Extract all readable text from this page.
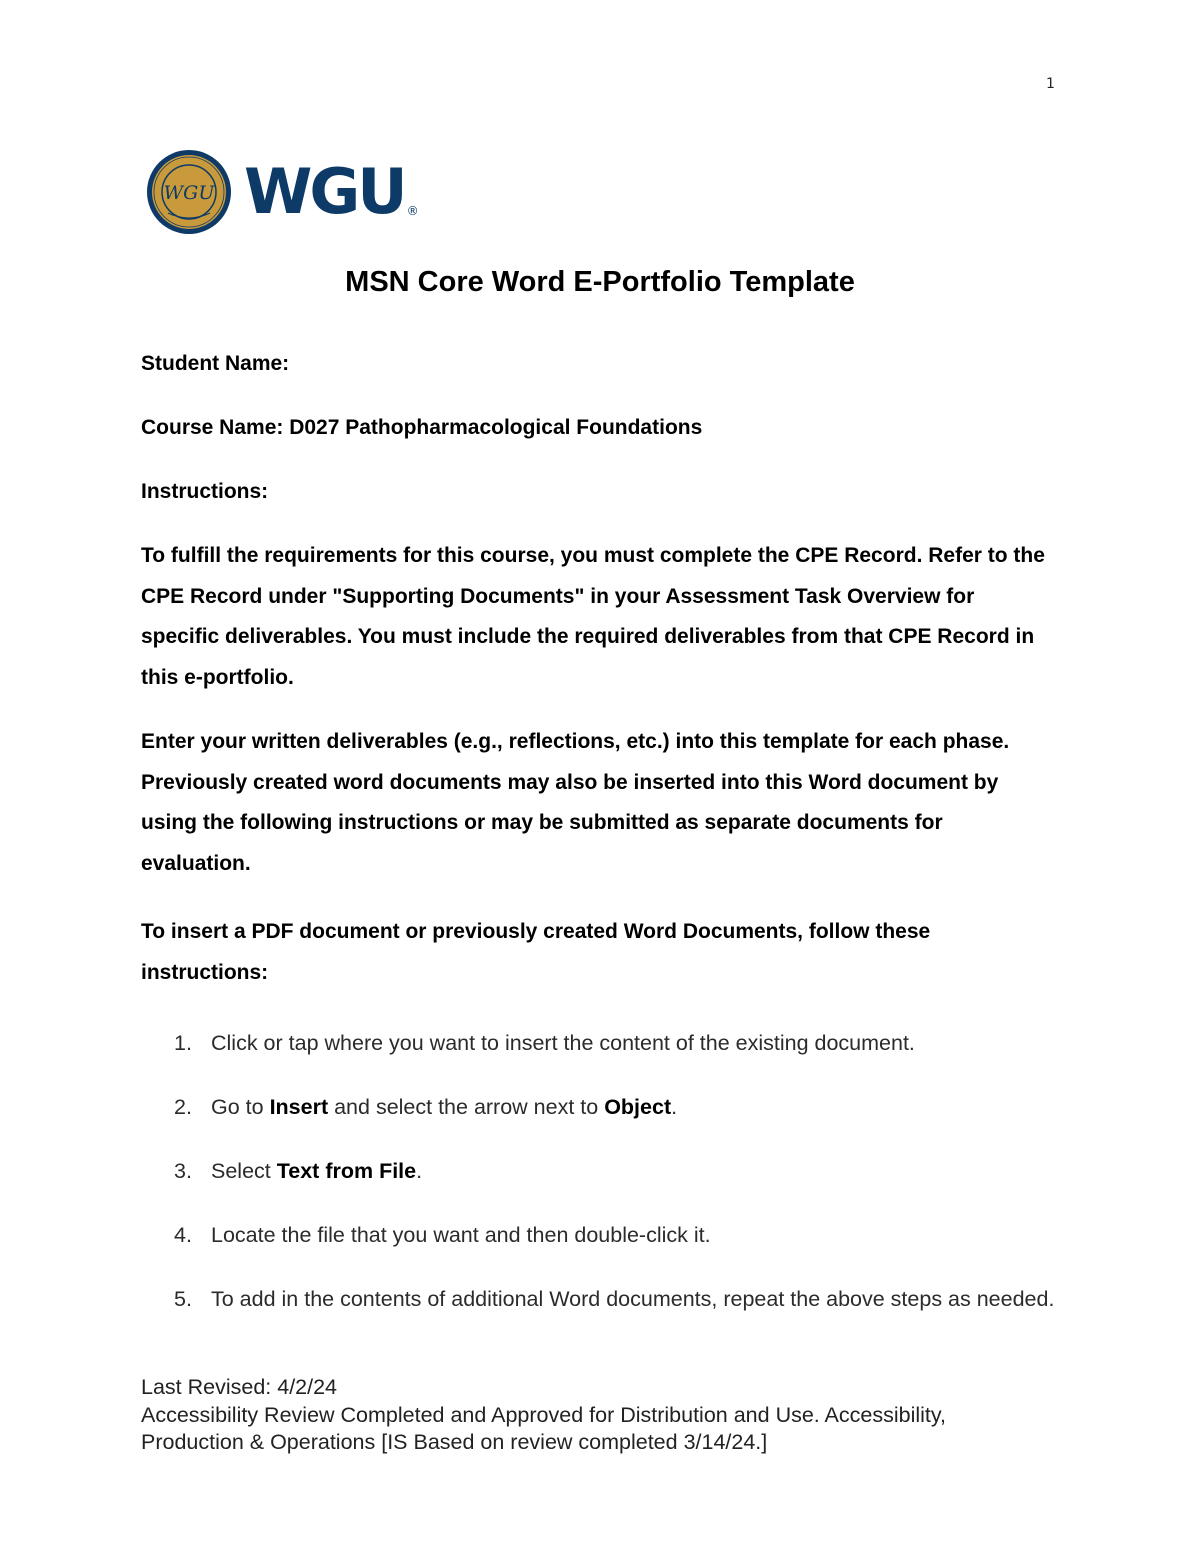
1
WGU WGU ®
MSN Core Word E-Portfolio Template
Student Name:
Course Name: D027 Pathopharmacological Foundations
Instructions:
To fulfill the requirements for this course, you must complete the CPE Record. Refer to the CPE Record under "Supporting Documents" in your Assessment Task Overview for specific deliverables. You must include the required deliverables from that CPE Record in this e-portfolio.
Enter your written deliverables (e.g., reflections, etc.) into this template for each phase. Previously created word documents may also be inserted into this Word document by using the following instructions or may be submitted as separate documents for evaluation.
To insert a PDF document or previously created Word Documents, follow these instructions:
1. Click or tap where you want to insert the content of the existing document.
2. Go to Insert and select the arrow next to Object.
3. Select Text from File.
4. Locate the file that you want and then double-click it.
5. To add in the contents of additional Word documents, repeat the above steps as needed.
Last Revised: 4/2/24
Accessibility Review Completed and Approved for Distribution and Use. Accessibility,
Production & Operations [IS Based on review completed 3/14/24.]
